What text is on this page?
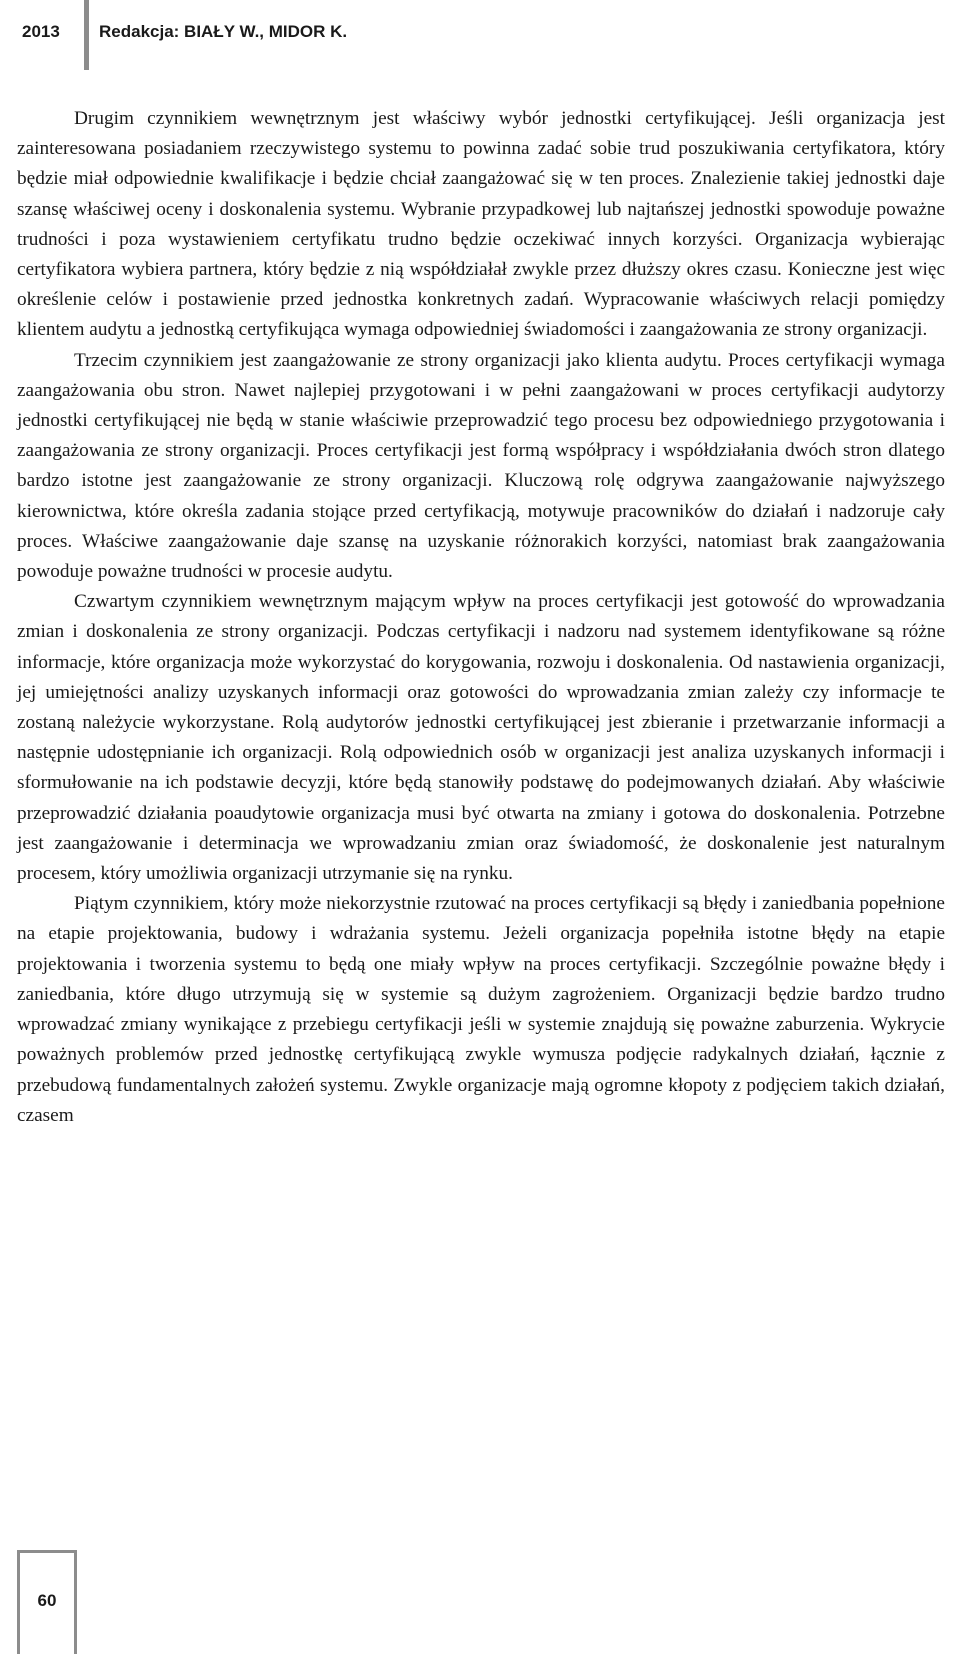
2013 Redakcja: BIAŁY W., MIDOR K.

Drugim czynnikiem wewnętrznym jest właściwy wybór jednostki certyfikującej. Jeśli organizacja jest zainteresowana posiadaniem rzeczywistego systemu to powinna zadać sobie trud poszukiwania certyfikatora, który będzie miał odpowiednie kwalifikacje i będzie chciał zaangażować się w ten proces. Znalezienie takiej jednostki daje szansę właściwej oceny i doskonalenia systemu. Wybranie przypadkowej lub najtańszej jednostki spowoduje poważne trudności i poza wystawieniem certyfikatu trudno będzie oczekiwać innych korzyści. Organizacja wybierając certyfikatora wybiera partnera, który będzie z nią współdziałał zwykle przez dłuższy okres czasu. Konieczne jest więc określenie celów i postawienie przed jednostka konkretnych zadań. Wypracowanie właściwych relacji pomiędzy klientem audytu a jednostką certyfikująca wymaga odpowiedniej świadomości i zaangażowania ze strony organizacji.

Trzecim czynnikiem jest zaangażowanie ze strony organizacji jako klienta audytu. Proces certyfikacji wymaga zaangażowania obu stron. Nawet najlepiej przygotowani i w pełni zaangażowani w proces certyfikacji audytorzy jednostki certyfikującej nie będą w stanie właściwie przeprowadzić tego procesu bez odpowiedniego przygotowania i zaangażowania ze strony organizacji. Proces certyfikacji jest formą współpracy i współdziałania dwóch stron dlatego bardzo istotne jest zaangażowanie ze strony organizacji. Kluczową rolę odgrywa zaangażowanie najwyższego kierownictwa, które określa zadania stojące przed certyfikacją, motywuje pracowników do działań i nadzoruje cały proces. Właściwe zaangażowanie daje szansę na uzyskanie różnorakich korzyści, natomiast brak zaangażowania powoduje poważne trudności w procesie audytu.

Czwartym czynnikiem wewnętrznym mającym wpływ na proces certyfikacji jest gotowość do wprowadzania zmian i doskonalenia ze strony organizacji. Podczas certyfikacji i nadzoru nad systemem identyfikowane są różne informacje, które organizacja może wykorzystać do korygowania, rozwoju i doskonalenia. Od nastawienia organizacji, jej umiejętności analizy uzyskanych informacji oraz gotowości do wprowadzania zmian zależy czy informacje te zostaną należycie wykorzystane. Rolą audytorów jednostki certyfikującej jest zbieranie i przetwarzanie informacji a następnie udostępnianie ich organizacji. Rolą odpowiednich osób w organizacji jest analiza uzyskanych informacji i sformułowanie na ich podstawie decyzji, które będą stanowiły podstawę do podejmowanych działań. Aby właściwie przeprowadzić działania poaudytowie organizacja musi być otwarta na zmiany i gotowa do doskonalenia. Potrzebne jest zaangażowanie i determinacja we wprowadzaniu zmian oraz świadomość, że doskonalenie jest naturalnym procesem, który umożliwia organizacji utrzymanie się na rynku.

Piątym czynnikiem, który może niekorzystnie rzutować na proces certyfikacji są błędy i zaniedbania popełnione na etapie projektowania, budowy i wdrażania systemu. Jeżeli organizacja popełniła istotne błędy na etapie projektowania i tworzenia systemu to będą one miały wpływ na proces certyfikacji. Szczególnie poważne błędy i zaniedbania, które długo utrzymują się w systemie są dużym zagrożeniem. Organizacji będzie bardzo trudno wprowadzać zmiany wynikające z przebiegu certyfikacji jeśli w systemie znajdują się poważne zaburzenia. Wykrycie poważnych problemów przed jednostkę certyfikującą zwykle wymusza podjęcie radykalnych działań, łącznie z przebudową fundamentalnych założeń systemu. Zwykle organizacje mają ogromne kłopoty z podjęciem takich działań, czasem

60
